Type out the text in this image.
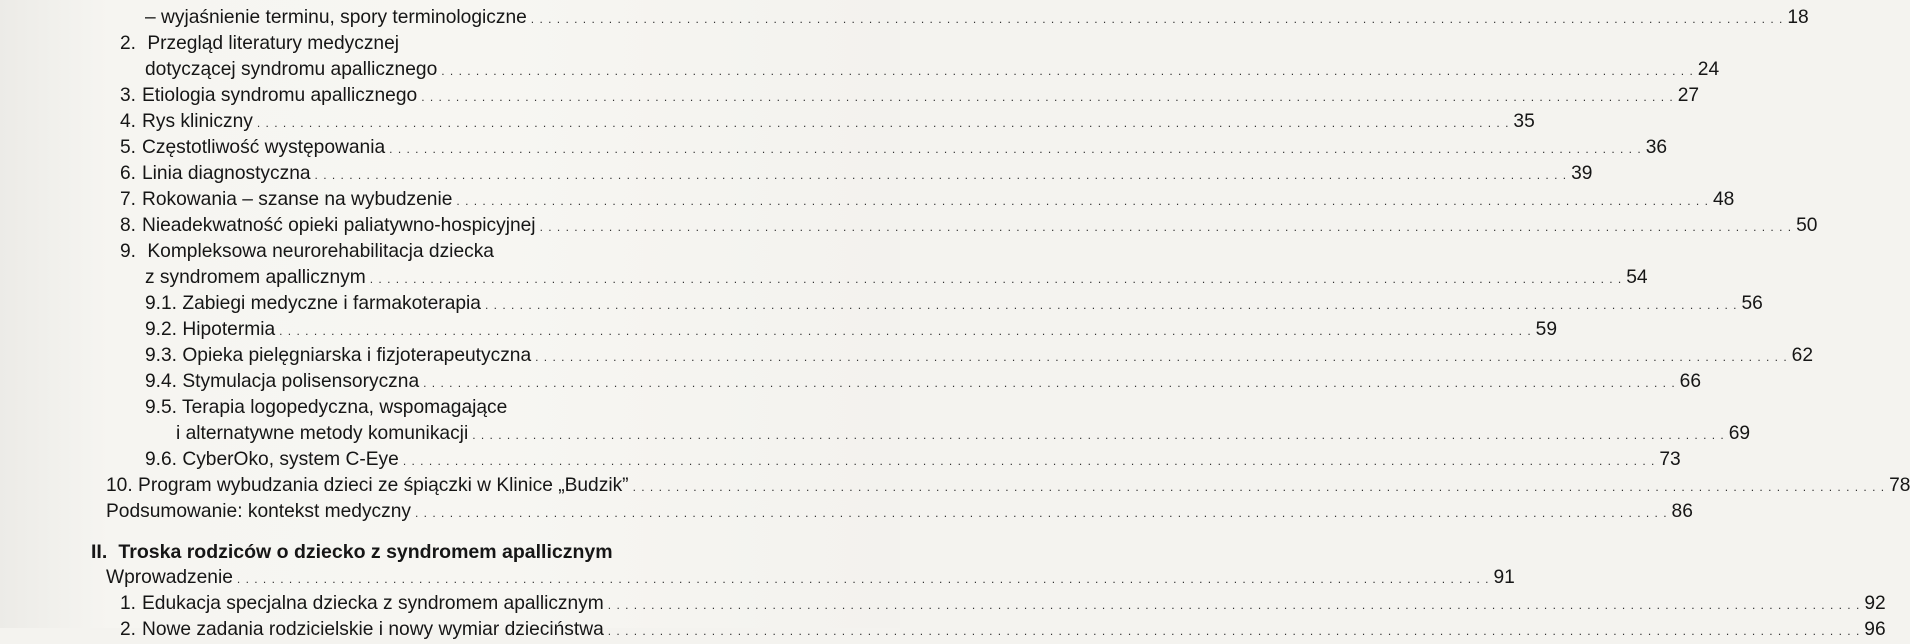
– wyjaśnienie terminu, spory terminologiczne . . .	18
2. Przegląd literatury medycznej
dotyczącej syndromu apallicznego . . .	24
3. Etiologia syndromu apallicznego . . .	27
4. Rys kliniczny . . .	35
5. Częstotliwość występowania . . .	36
6. Linia diagnostyczna . . .	39
7. Rokowania – szanse na wybudzenie . . .	48
8. Nieadekwatność opieki paliatywno-hospicyjnej . . .	50
9. Kompleksowa neurorehabilitacja dziecka
z syndromem apallicznym . . .	54
9.1. Zabiegi medyczne i farmakoterapia . . .	56
9.2. Hipotermia . . .	59
9.3. Opieka pielęgniarska i fizjoterapeutyczna . . .	62
9.4. Stymulacja polisensoryczna . . .	66
9.5. Terapia logopedyczna, wspomagające
i alternatywne metody komunikacji . . .	69
9.6. CyberOko, system C-Eye . . .	73
10. Program wybudzania dzieci ze śpiączki w Klinice „Budzik” . . .	78
Podsumowanie: kontekst medyczny . . .	86
II. Troska rodziców o dziecko z syndromem apallicznym
Wprowadzenie . . .	91
1. Edukacja specjalna dziecka z syndromem apallicznym . . .	92
2. Nowe zadania rodzicielskie i nowy wymiar dzieciństwa . . .	96
